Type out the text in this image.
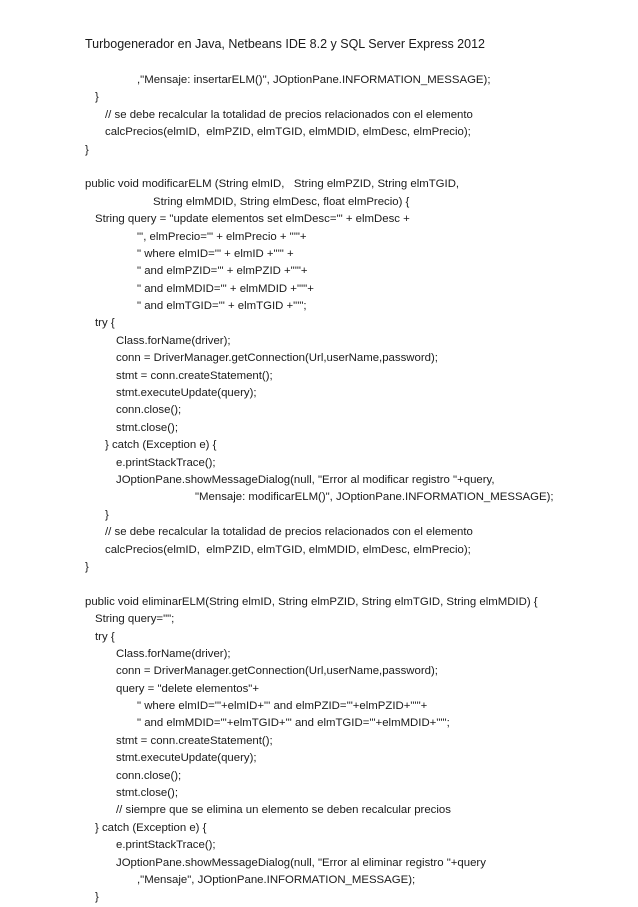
Turbogenerador en Java, Netbeans IDE 8.2 y SQL Server Express 2012
,"Mensaje: insertarELM()", JOptionPane.INFORMATION_MESSAGE);
}
// se debe recalcular la totalidad de precios relacionados con el elemento
calcPrecios(elmID,  elmPZID, elmTGID, elmMDID, elmDesc, elmPrecio);
}
public void modificarELM (String elmID,   String elmPZID, String elmTGID,
String elmMDID, String elmDesc, float elmPrecio) {
String query = "update elementos set elmDesc='" + elmDesc +
"', elmPrecio='" + elmPrecio + "'"+
" where elmID='" + elmID +"'" +
" and elmPZID='" + elmPZID +"'"+
" and elmMDID='" + elmMDID +"'"+
" and elmTGID='" + elmTGID +"'";
try {
Class.forName(driver);
conn = DriverManager.getConnection(Url,userName,password);
stmt = conn.createStatement();
stmt.executeUpdate(query);
conn.close();
stmt.close();
} catch (Exception e) {
e.printStackTrace();
JOptionPane.showMessageDialog(null, "Error al modificar registro "+query,
"Mensaje: modificarELM()", JOptionPane.INFORMATION_MESSAGE);
}
// se debe recalcular la totalidad de precios relacionados con el elemento
calcPrecios(elmID,  elmPZID, elmTGID, elmMDID, elmDesc, elmPrecio);
}
public void eliminarELM(String elmID, String elmPZID, String elmTGID, String elmMDID) {
String query="";
try {
Class.forName(driver);
conn = DriverManager.getConnection(Url,userName,password);
query = "delete elementos"+
" where elmID='"+elmID+"' and elmPZID='"+elmPZID+"'"+
" and elmMDID='"+elmTGID+"' and elmTGID='"+elmMDID+"'";
stmt = conn.createStatement();
stmt.executeUpdate(query);
conn.close();
stmt.close();
// siempre que se elimina un elemento se deben recalcular precios
} catch (Exception e) {
e.printStackTrace();
JOptionPane.showMessageDialog(null, "Error al eliminar registro "+query
,"Mensaje", JOptionPane.INFORMATION_MESSAGE);
}
